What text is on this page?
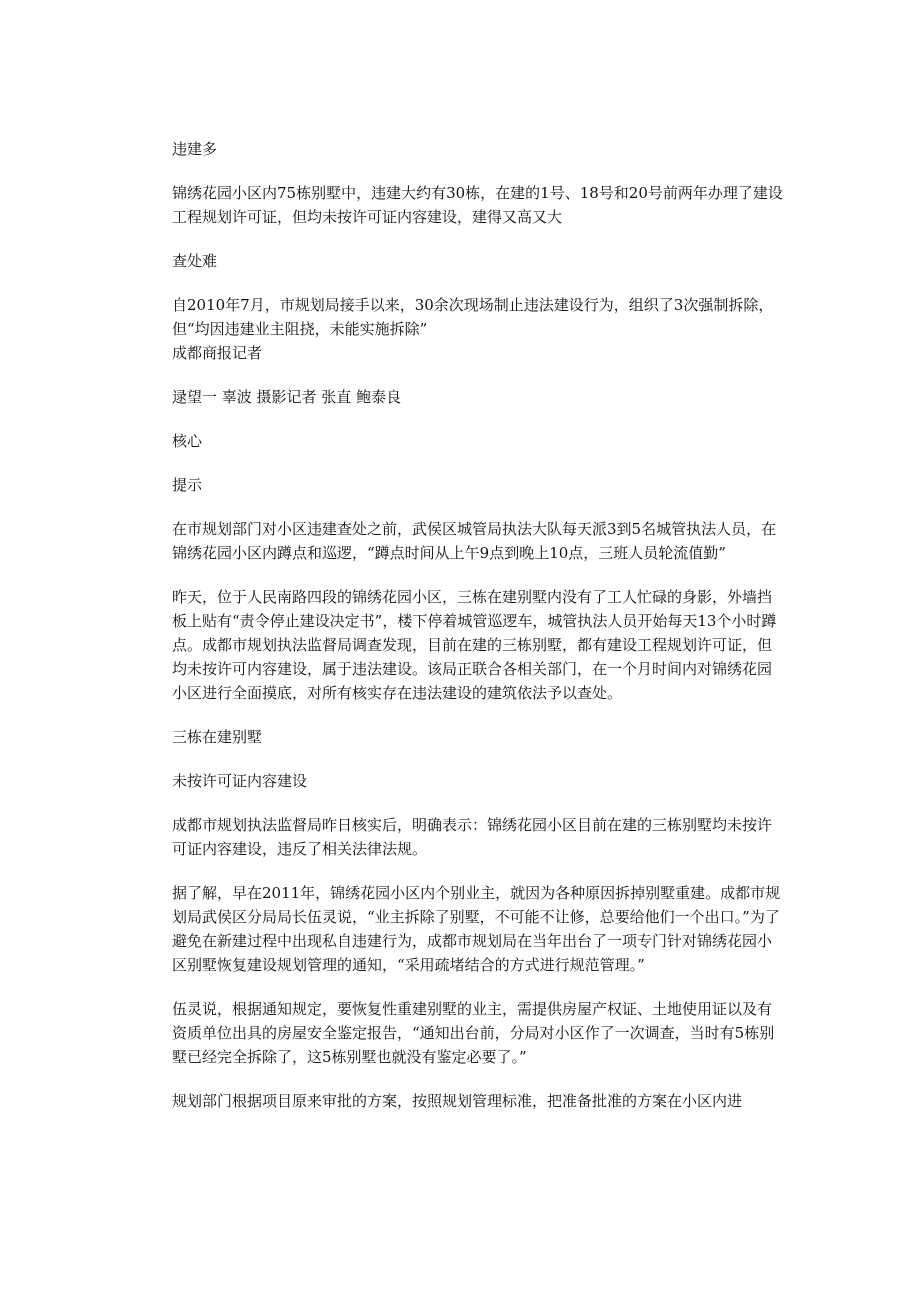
违建多

锦绣花园小区内75栋别墅中，违建大约有30栋，在建的1号、18号和20号前两年办理了建设工程规划许可证，但均未按许可证内容建设，建得又高又大

查处难

自2010年7月，市规划局接手以来，30余次现场制止违法建设行为，组织了3次强制拆除，但“均因违建业主阻挠，未能实施拆除”

成都商报记者

逯望一 辜波 摄影记者 张直 鲍泰良

核心

提示

在市规划部门对小区违建查处之前，武侯区城管局执法大队每天派3到5名城管执法人员，在锦绣花园小区内蹲点和巡逻，“蹲点时间从上午9点到晚上10点，三班人员轮流值勤”

昨天，位于人民南路四段的锦绣花园小区，三栋在建别墅内没有了工人忙碌的身影，外墙挡板上贴有“责令停止建设决定书”，楼下停着城管巡逻车，城管执法人员开始每天13个小时蹲点。成都市规划执法监督局调查发现，目前在建的三栋别墅，都有建设工程规划许可证，但均未按许可内容建设，属于违法建设。该局正联合各相关部门，在一个月时间内对锦绣花园小区进行全面摸底，对所有核实存在违法建设的建筑依法予以查处。

三栋在建别墅

未按许可证内容建设

成都市规划执法监督局昨日核实后，明确表示：锦绣花园小区目前在建的三栋别墅均未按许可证内容建设，违反了相关法律法规。

据了解，早在2011年，锦绣花园小区内个别业主，就因为各种原因拆掉别墅重建。成都市规划局武侯区分局局长伍灵说，“业主拆除了别墅，不可能不让修，总要给他们一个出口。”为了避免在新建过程中出现私自违建行为，成都市规划局在当年出台了一项专门针对锦绣花园小区别墅恢复建设规划管理的通知，“采用疏堵结合的方式进行规范管理。”

伍灵说，根据通知规定，要恢复性重建别墅的业主，需提供房屋产权证、土地使用证以及有资质单位出具的房屋安全鉴定报告，“通知出台前，分局对小区作了一次调查，当时有5栋别墅已经完全拆除了，这5栋别墅也就没有鉴定必要了。”

规划部门根据项目原来审批的方案，按照规划管理标准，把准备批准的方案在小区内进
